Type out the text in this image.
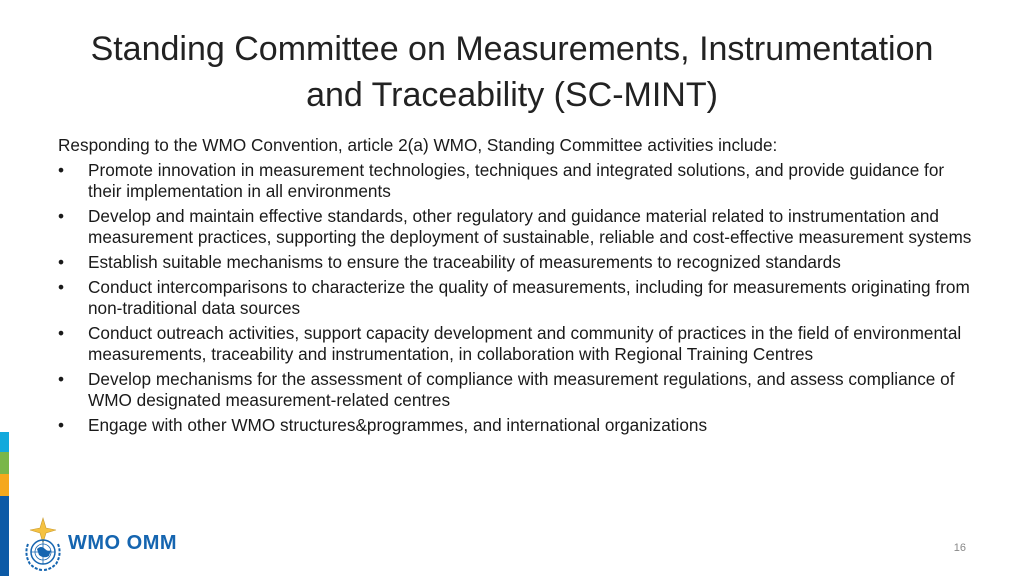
Standing Committee on Measurements, Instrumentation
and Traceability (SC-MINT)

Responding to the WMO Convention, article 2(a) WMO, Standing Committee activities include:

• Promote innovation in measurement technologies, techniques and integrated solutions, and provide guidance for their implementation in all environments
• Develop and maintain effective standards, other regulatory and guidance material related to instrumentation and measurement practices, supporting the deployment of sustainable, reliable and cost-effective measurement systems
• Establish suitable mechanisms to ensure the traceability of measurements to recognized standards
• Conduct intercomparisons to characterize the quality of measurements, including for measurements originating from non-traditional data sources
• Conduct outreach activities, support capacity development and community of practices in the field of environmental measurements, traceability and instrumentation, in collaboration with Regional Training Centres
• Develop mechanisms for the assessment of compliance with measurement regulations, and assess compliance of WMO designated measurement-related centres
• Engage with other WMO structures&programmes, and international organizations
WMO OMM	16
